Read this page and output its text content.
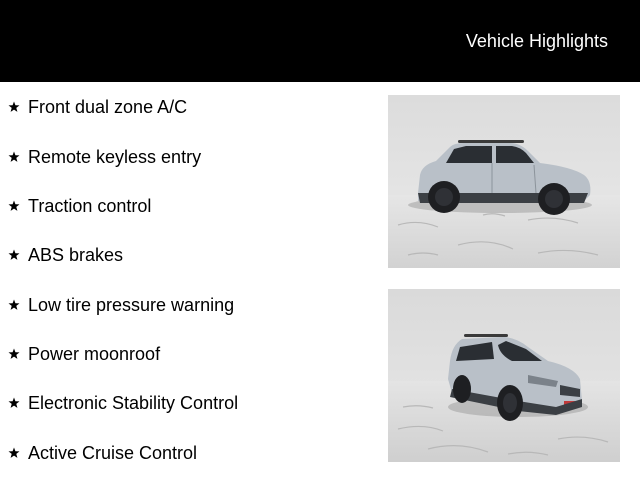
Vehicle Highlights
Front dual zone A/C
Remote keyless entry
Traction control
ABS brakes
Low tire pressure warning
Power moonroof
Electronic Stability Control
Active Cruise Control
